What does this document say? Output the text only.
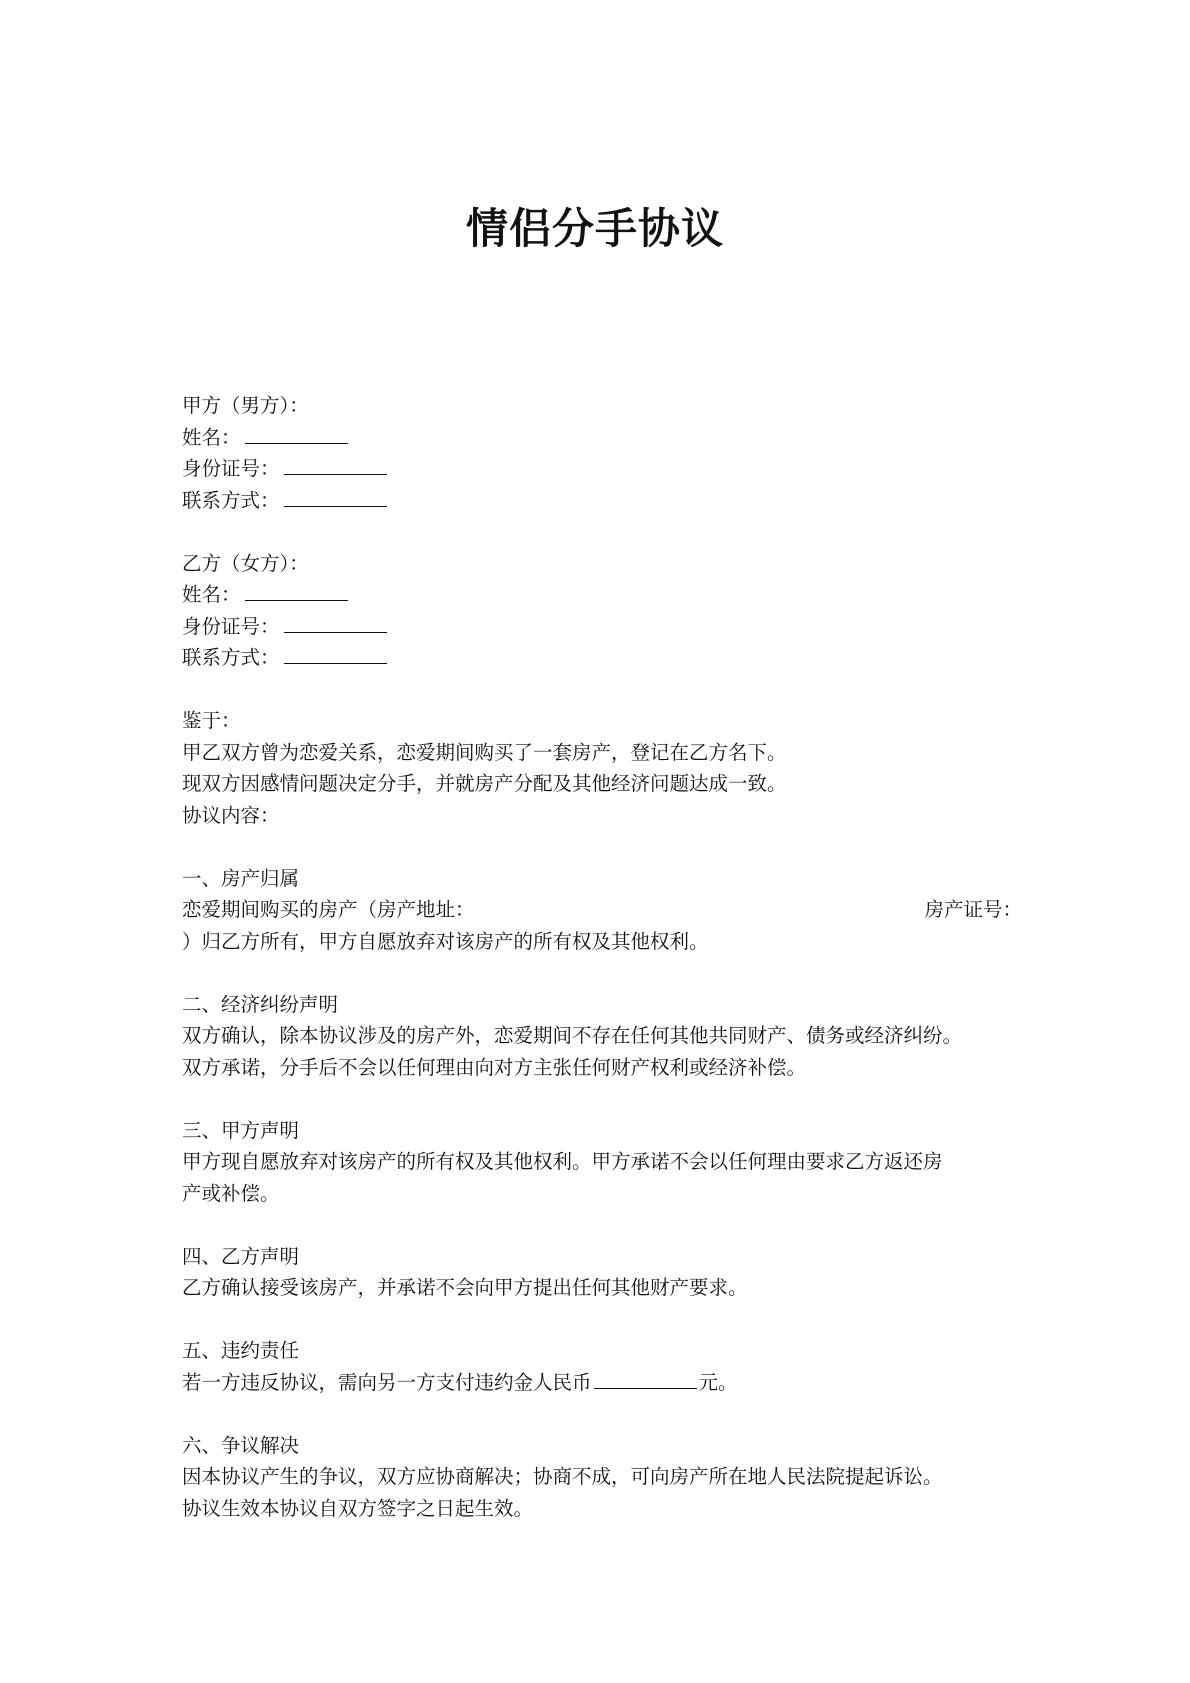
情侣分手协议
甲方（男方）：
姓名：
身份证号：
联系方式：
乙方（女方）：
姓名：
身份证号：
联系方式：
鉴于：
甲乙双方曾为恋爱关系，恋爱期间购买了一套房产，登记在乙方名下。
现双方因感情问题决定分手，并就房产分配及其他经济问题达成一致。
协议内容：
一、房产归属
恋爱期间购买的房产（房产地址：	房产证号：
）归乙方所有，甲方自愿放弃对该房产的所有权及其他权利。
二、经济纠纷声明
双方确认，除本协议涉及的房产外，恋爱期间不存在任何其他共同财产、债务或经济纠纷。
双方承诺，分手后不会以任何理由向对方主张任何财产权利或经济补偿。
三、甲方声明
甲方现自愿放弃对该房产的所有权及其他权利。甲方承诺不会以任何理由要求乙方返还房
产或补偿。
四、乙方声明
乙方确认接受该房产，并承诺不会向甲方提出任何其他财产要求。
五、违约责任
若一方违反协议，需向另一方支付违约金人民币	元。
六、争议解决
因本协议产生的争议，双方应协商解决；协商不成，可向房产所在地人民法院提起诉讼。
协议生效本协议自双方签字之日起生效。
